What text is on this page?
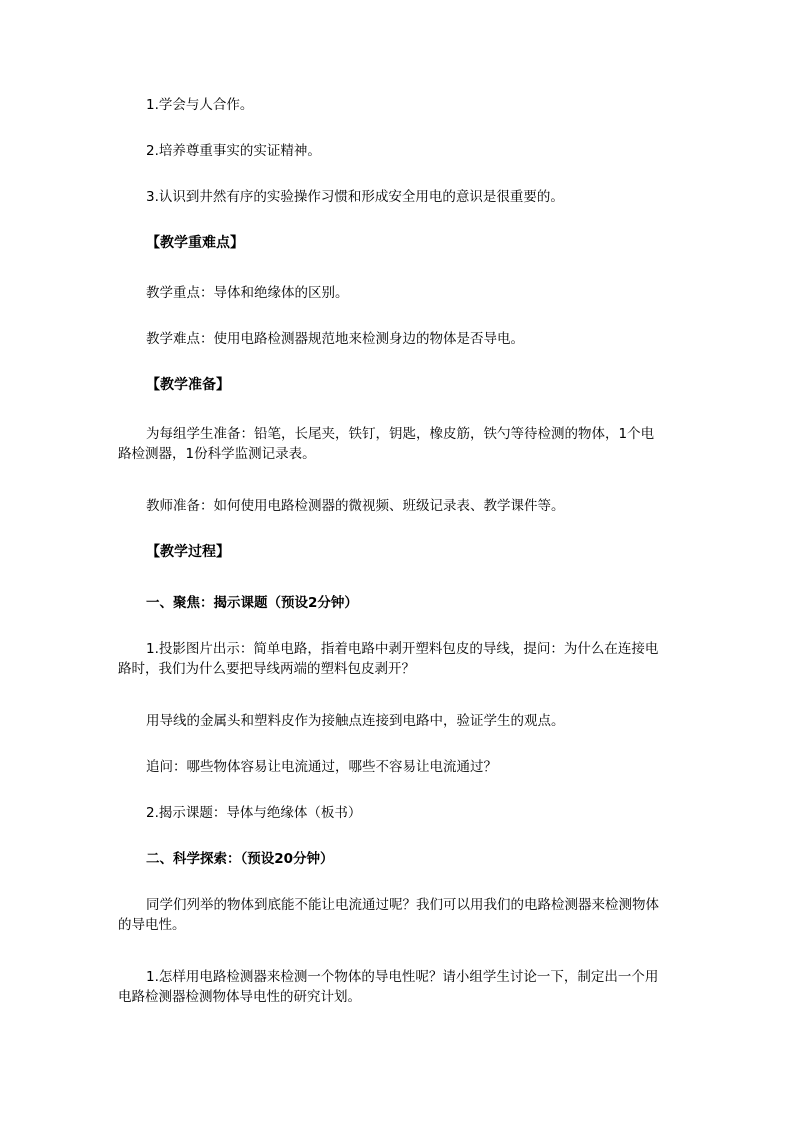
1.学会与人合作。

2.培养尊重事实的实证精神。

3.认识到井然有序的实验操作习惯和形成安全用电的意识是很重要的。

【教学重难点】

教学重点：导体和绝缘体的区别。

教学难点：使用电路检测器规范地来检测身边的物体是否导电。

【教学准备】

为每组学生准备：铅笔，长尾夹，铁钉，钥匙，橡皮筋，铁勺等待检测的物体，1个电路检测器，1份科学监测记录表。

教师准备：如何使用电路检测器的微视频、班级记录表、教学课件等。

【教学过程】

一、聚焦：揭示课题（预设2分钟）

1.投影图片出示：简单电路，指着电路中剥开塑料包皮的导线，提问：为什么在连接电路时，我们为什么要把导线两端的塑料包皮剥开？

用导线的金属头和塑料皮作为接触点连接到电路中，验证学生的观点。

追问：哪些物体容易让电流通过，哪些不容易让电流通过？

2.揭示课题：导体与绝缘体（板书）

二、科学探索：（预设20分钟）

同学们列举的物体到底能不能让电流通过呢？我们可以用我们的电路检测器来检测物体的导电性。

1.怎样用电路检测器来检测一个物体的导电性呢？请小组学生讨论一下，制定出一个用电路检测器检测物体导电性的研究计划。
